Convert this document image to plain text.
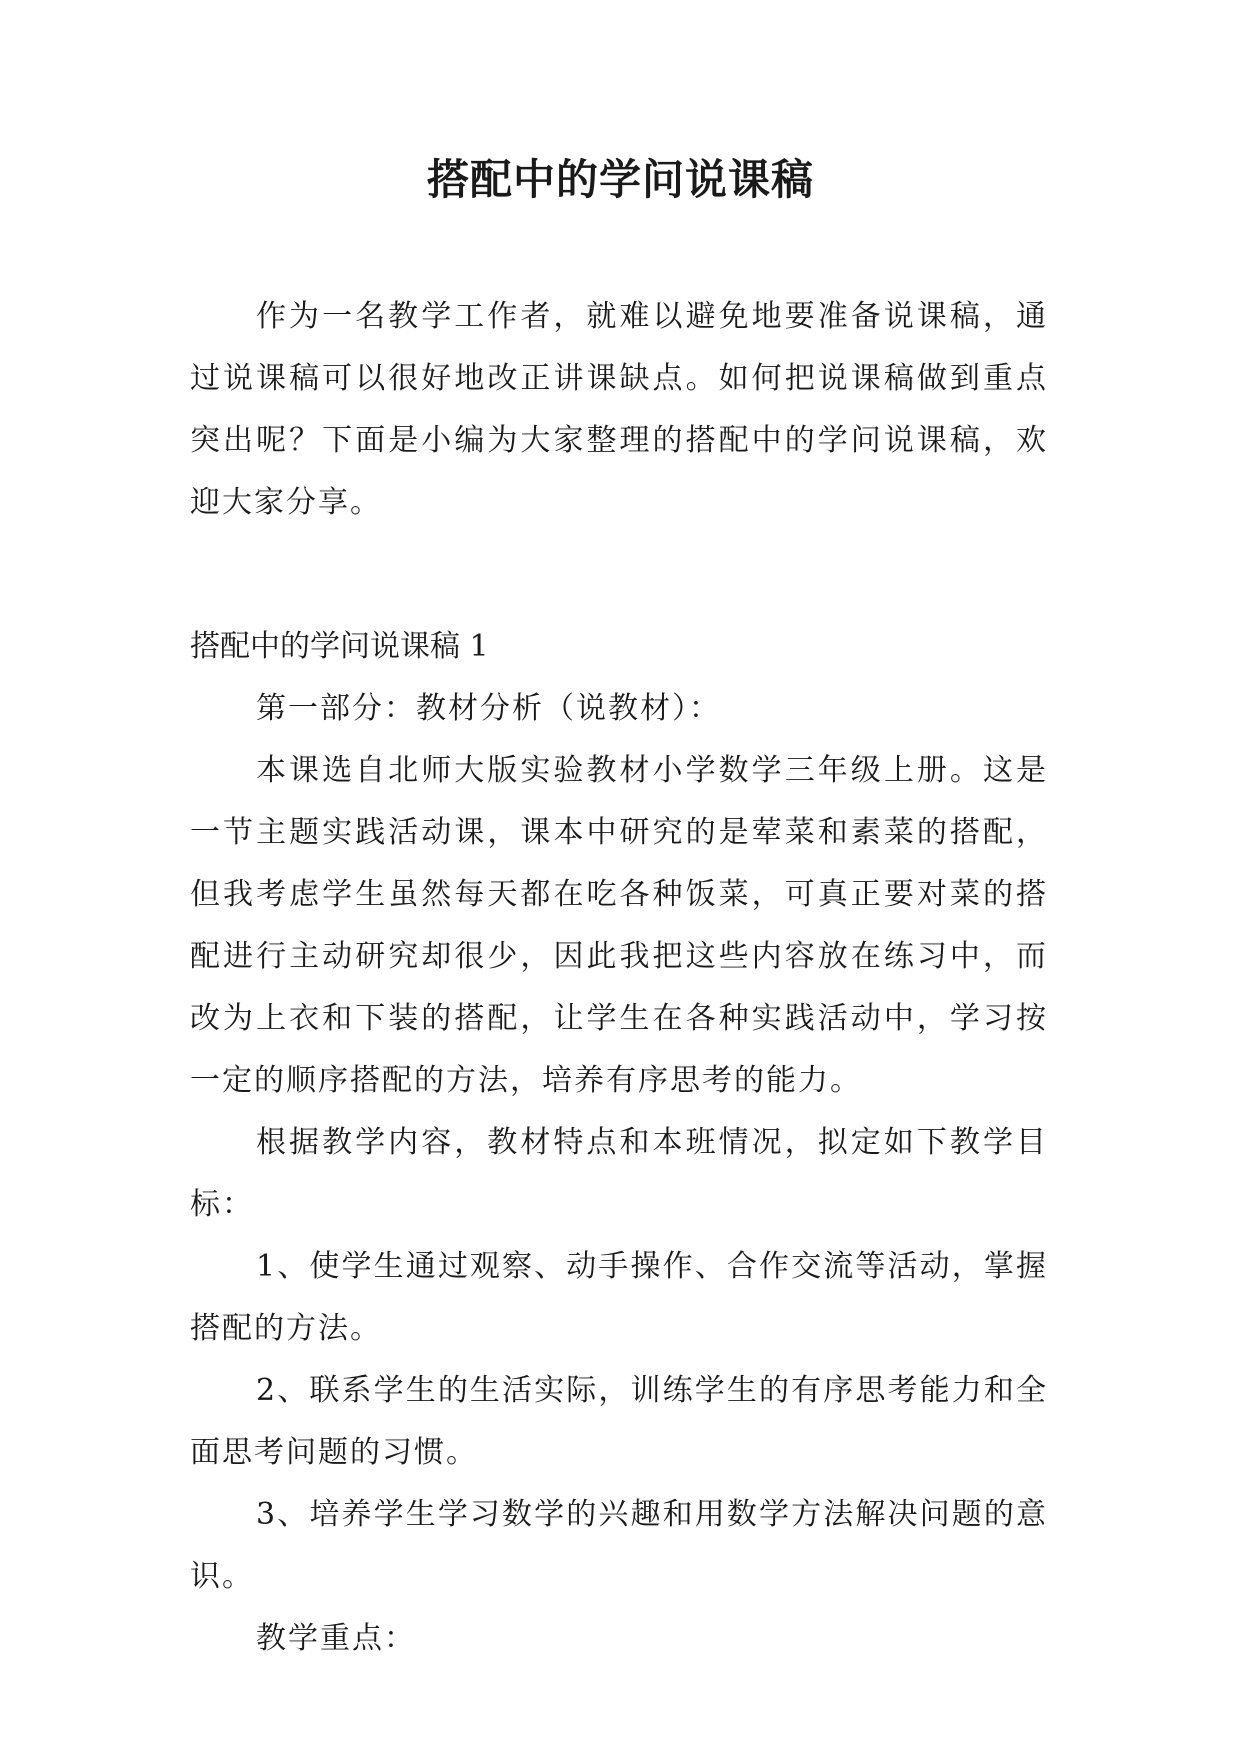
搭配中的学问说课稿

作为一名教学工作者，就难以避免地要准备说课稿，通过说课稿可以很好地改正讲课缺点。如何把说课稿做到重点突出呢？下面是小编为大家整理的搭配中的学问说课稿，欢迎大家分享。

搭配中的学问说课稿 1

第一部分：教材分析（说教材）：

本课选自北师大版实验教材小学数学三年级上册。这是一节主题实践活动课，课本中研究的是荤菜和素菜的搭配，但我考虑学生虽然每天都在吃各种饭菜，可真正要对菜的搭配进行主动研究却很少，因此我把这些内容放在练习中，而改为上衣和下装的搭配，让学生在各种实践活动中，学习按一定的顺序搭配的方法，培养有序思考的能力。

根据教学内容，教材特点和本班情况，拟定如下教学目标：

1、使学生通过观察、动手操作、合作交流等活动，掌握搭配的方法。

2、联系学生的生活实际，训练学生的有序思考能力和全面思考问题的习惯。

3、培养学生学习数学的兴趣和用数学方法解决问题的意识。

教学重点：
